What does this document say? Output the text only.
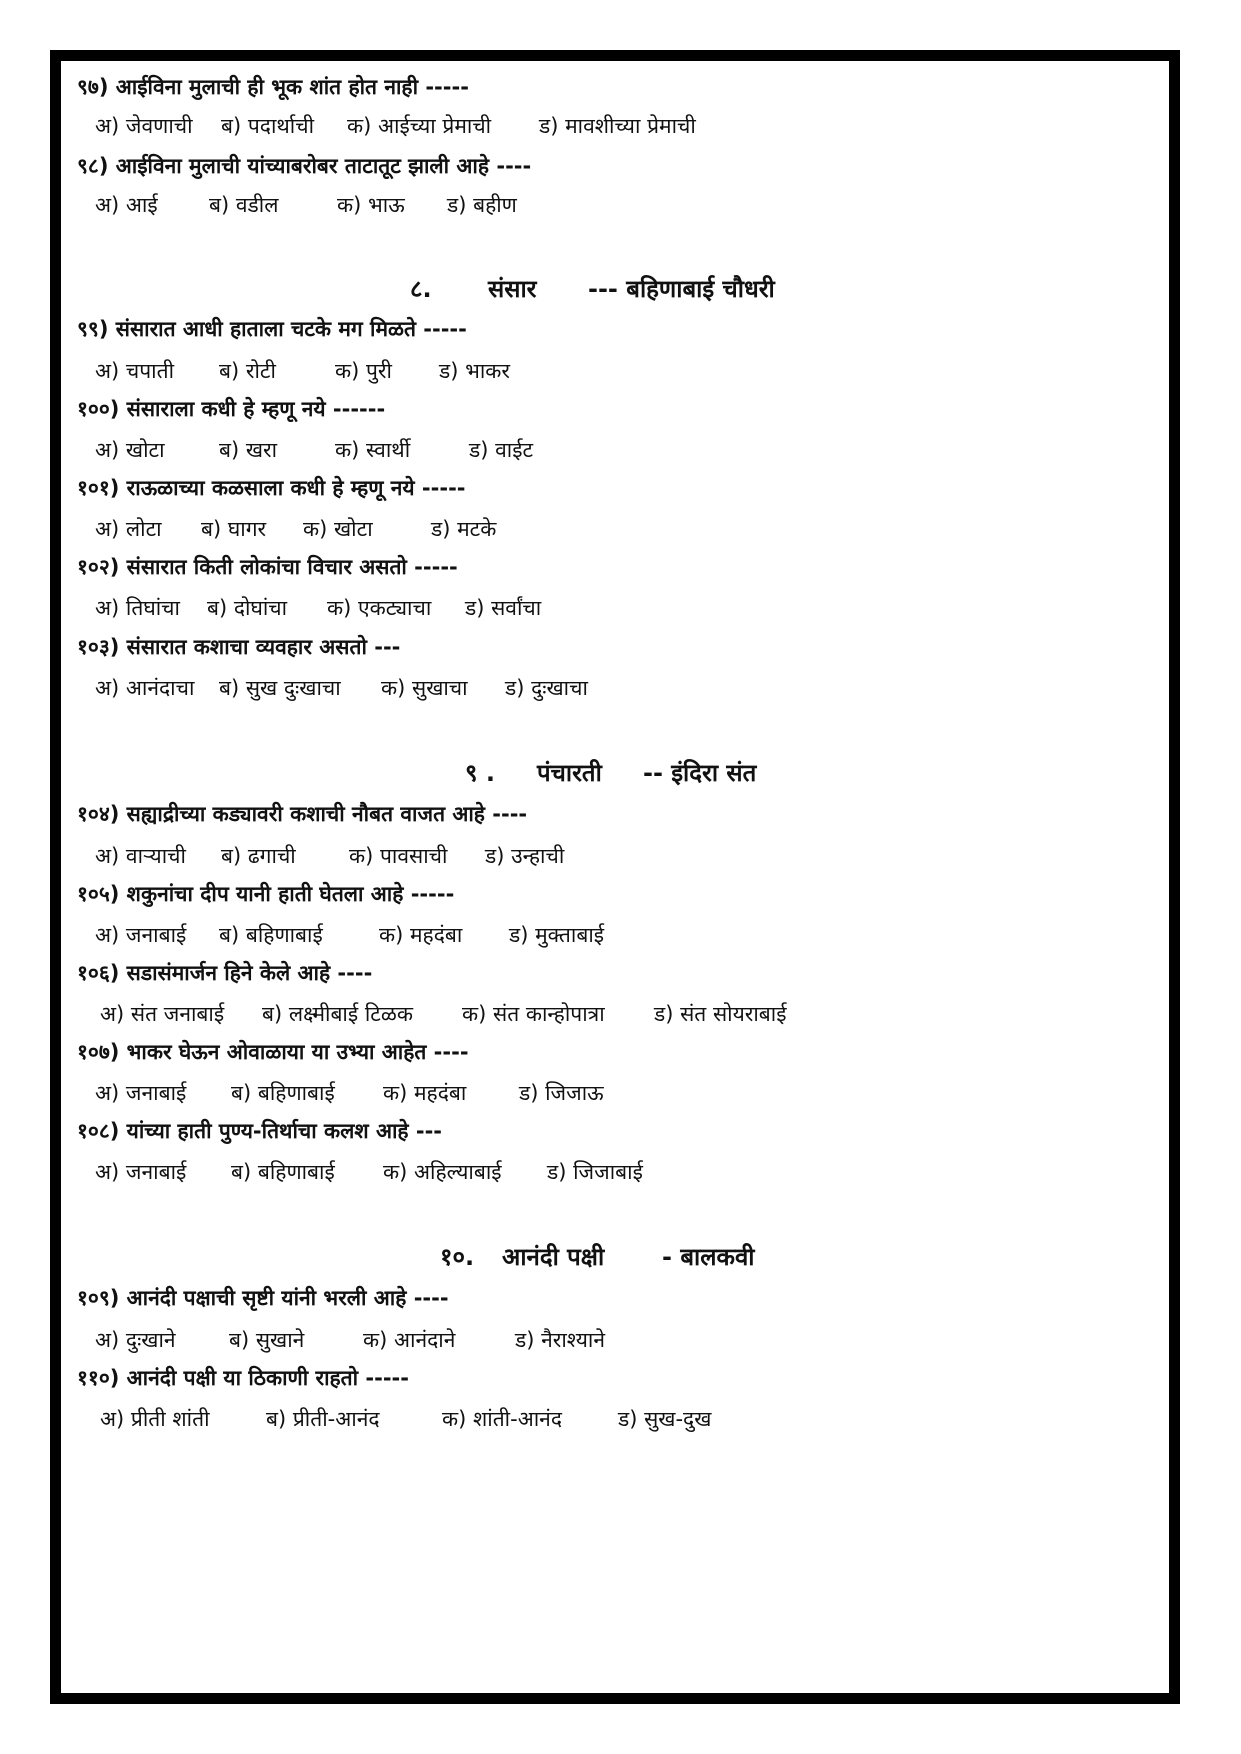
९७) आईविना मुलाची ही भूक शांत होत नाही -----
अ) जेवणाची ब) पदार्थाची क) आईच्या प्रेमाची ड) मावशीच्या प्रेमाची
९८) आईविना मुलाची यांच्याबरोबर ताटातूट झाली आहे ----
अ) आई ब) वडील	क) भाऊ ड) बहीण
८. संसार --- बहिणाबाई चौधरी
९९) संसारात आधी हाताला चटके मग मिळते -----
अ) चपाती ब) रोटी	क) पुरी ड) भाकर
१००) संसाराला कधी हे म्हणू नये ------
अ) खोटा	ब) खरा	क) स्वार्थी	ड) वाईट
१०१) राऊळाच्या कळसाला कधी हे म्हणू नये -----
अ) लोटा ब) घागर क) खोटा	ड) मटके
१०२) संसारात किती लोकांचा विचार असतो -----
अ) तिघांचा ब) दोघांचा क) एकट्याचा ड) सर्वांचा
१०३) संसारात कशाचा व्यवहार असतो ---
अ) आनंदाचा ब) सुख दुःखाचा क) सुखाचा ड) दुःखाचा
९ . पंचारती -- इंदिरा संत
१०४) सह्याद्रीच्या कड्यावरी कशाची नौबत वाजत आहे ----
अ) वाऱ्याची ब) ढगाची	क) पावसाची ड) उन्हाची
१०५) शकुनांचा दीप यानी हाती घेतला आहे -----
अ) जनाबाई ब) बहिणाबाई	क) महदंबा ड) मुक्ताबाई
१०६) सडासंमार्जन हिने केले आहे ----
अ) संत जनाबाई ब) लक्ष्मीबाई टिळक क) संत कान्होपात्रा ड) संत सोयराबाई
१०७) भाकर घेऊन ओवाळाया या उभ्या आहेत ----
अ) जनाबाई ब) बहिणाबाई क) महदंबा	ड) जिजाऊ
१०८) यांच्या हाती पुण्य-तिर्थाचा कलश आहे ---
अ) जनाबाई ब) बहिणाबाई क) अहिल्याबाई ड) जिजाबाई
१०. आनंदी पक्षी - बालकवी
१०९) आनंदी पक्षाची सृष्टी यांनी भरली आहे ----
अ) दुःखाने	ब) सुखाने	क) आनंदाने	ड) नैराश्याने
११०) आनंदी पक्षी या ठिकाणी राहतो -----
अ) प्रीती शांती	ब) प्रीती-आनंद	क) शांती-आनंद	ड) सुख-दुख
